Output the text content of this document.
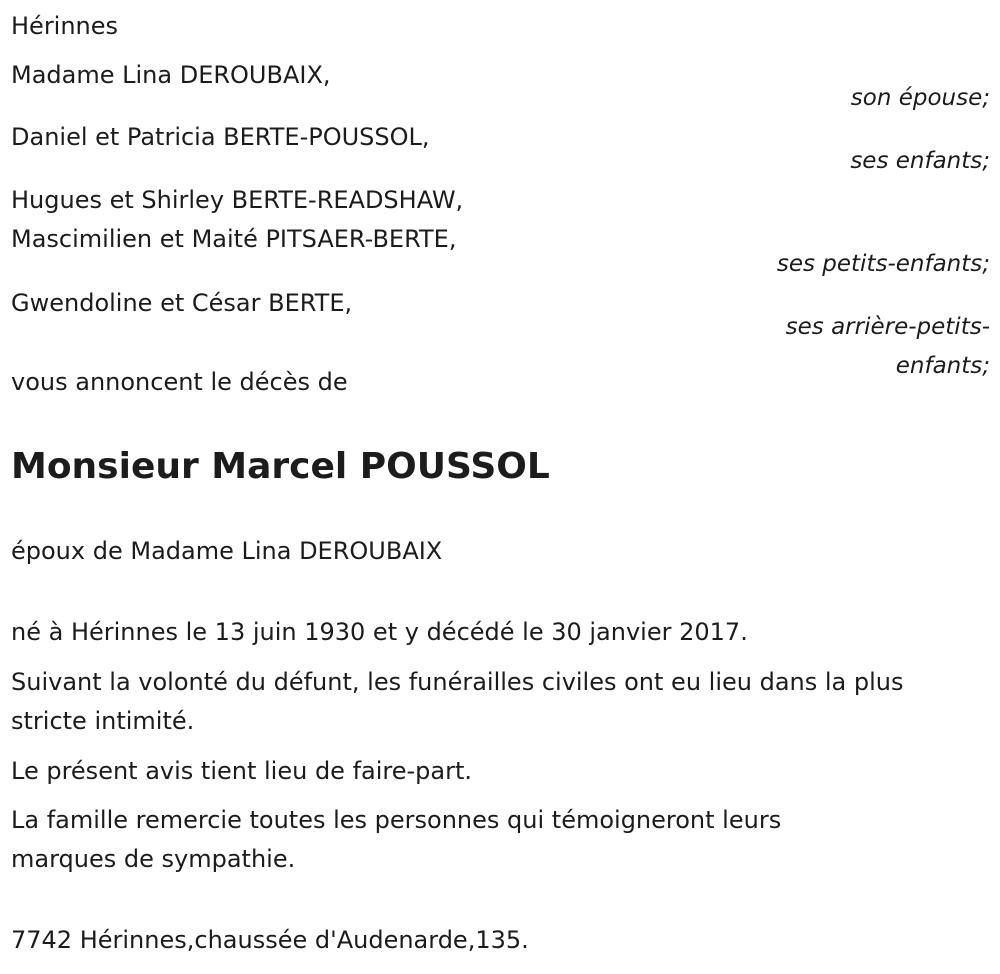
Hérinnes
Madame Lina DEROUBAIX,
son épouse;
Daniel et Patricia BERTE-POUSSOL,
ses enfants;
Hugues et Shirley BERTE-READSHAW,
Mascimilien et Maité PITSAER-BERTE,
ses petits-enfants;
Gwendoline et César BERTE,
ses arrière-petits-
enfants;
vous annoncent le décès de
Monsieur Marcel POUSSOL
époux de Madame Lina DEROUBAIX
né à Hérinnes le 13 juin 1930 et y décédé le 30 janvier 2017.
Suivant la volonté du défunt, les funérailles civiles ont eu lieu dans la plus
stricte intimité.
Le présent avis tient lieu de faire-part.
La famille remercie toutes les personnes qui témoigneront leurs
marques de sympathie.
7742 Hérinnes,chaussée d'Audenarde,135.
